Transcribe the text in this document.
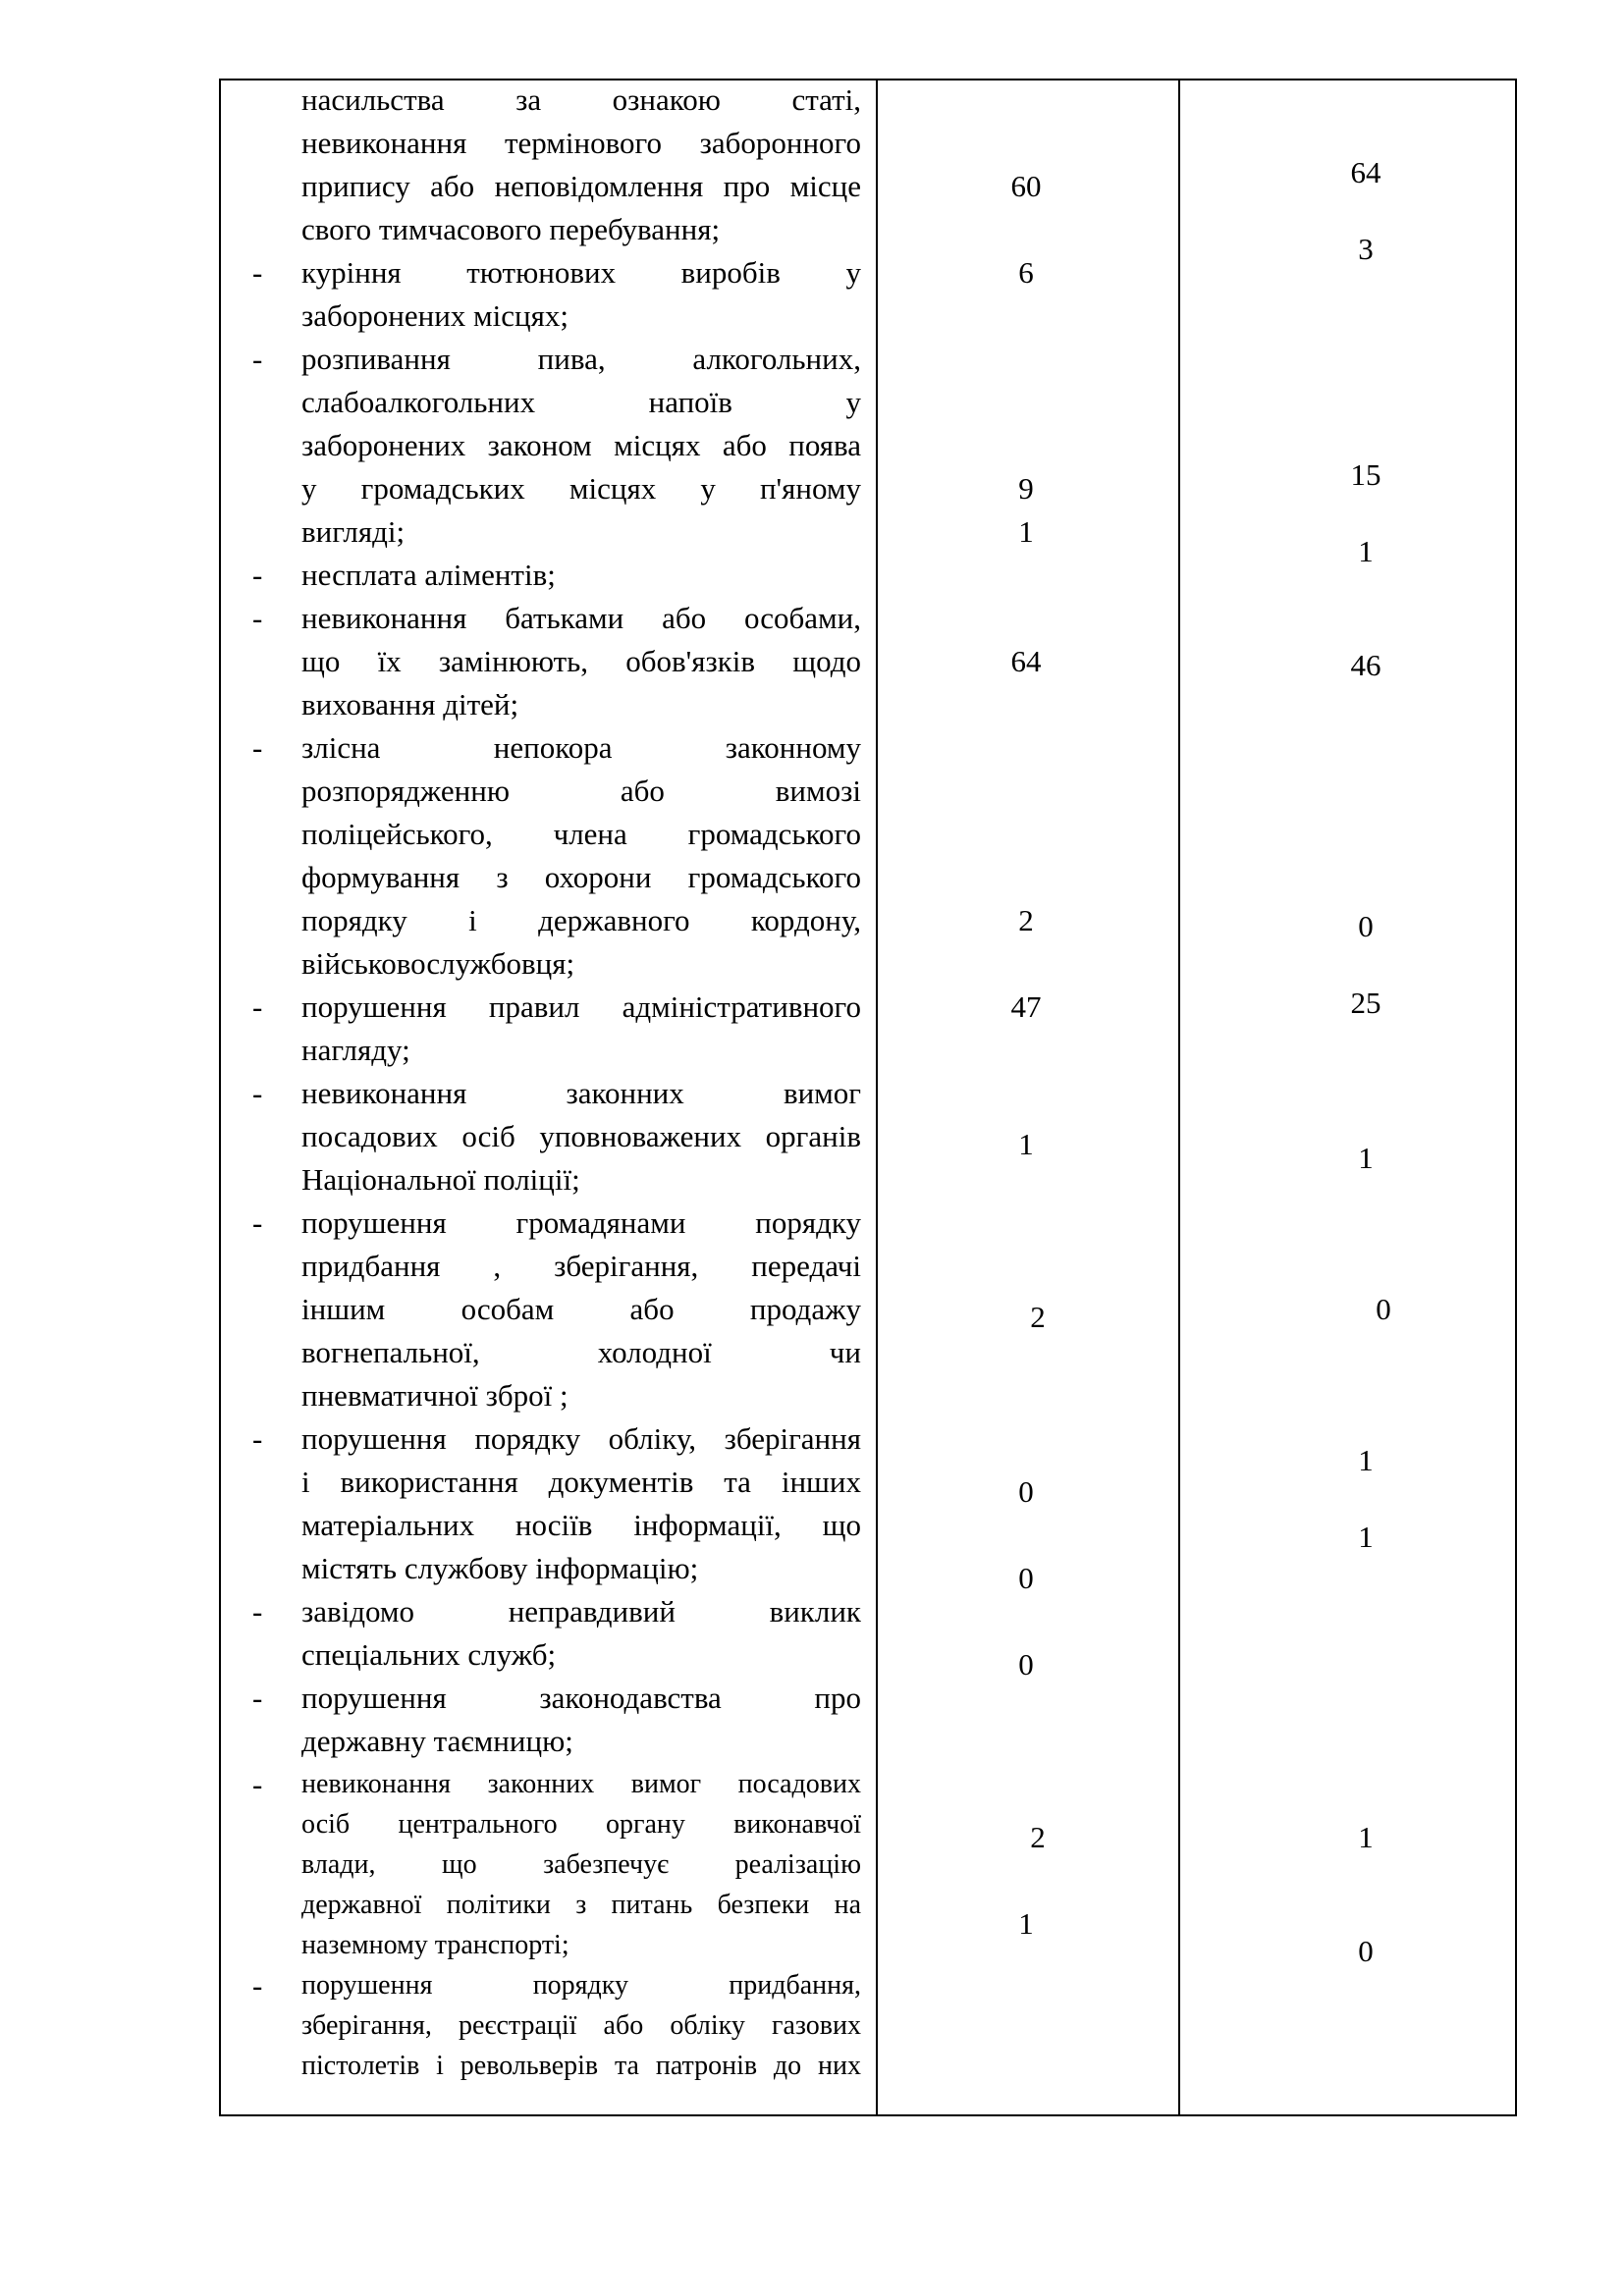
насильства за ознакою статі,
невиконання термінового заборонного
припису або неповідомлення про місце
свого тимчасового перебування;
- куріння тютюнових виробів у
заборонених місцях;
- розпивання пива, алкогольних,
слабоалкогольних напоїв у
заборонених законом місцях або поява
у громадських місцях у п'яному
вигляді;
- несплата аліментів;
- невиконання батьками або особами,
що їх замінюють, обов'язків щодо
виховання дітей;
- злісна непокора законному
розпорядженню або вимозі
поліцейського, члена громадського
формування з охорони громадського
порядку і державного кордону,
військовослужбовця;
- порушення правил адміністративного
нагляду;
- невиконання законних вимог
посадових осіб уповноважених органів
Національної поліції;
- порушення громадянами порядку
придбання , зберігання, передачі
іншим особам або продажу
вогнепальної, холодної чи
пневматичної зброї ;
- порушення порядку обліку, зберігання
і використання документів та інших
матеріальних носіїв інформації, що
містять службову інформацію;
- завідомо неправдивий виклик
спеціальних служб;
- порушення законодавства про
державну таємницю;
- невиконання законних вимог посадових
осіб центрального органу виконавчої
влади, що забезпечує реалізацію
державної політики з питань безпеки на
наземному транспорті;
- порушення порядку придбання,
зберігання, реєстрації або обліку газових
пістолетів і револьверів та патронів до них
60
6
9
1
64
2
47
1
2
0
0
0
2
1
64
3
15
1
46
0
25
1
0
1
1
1
0
